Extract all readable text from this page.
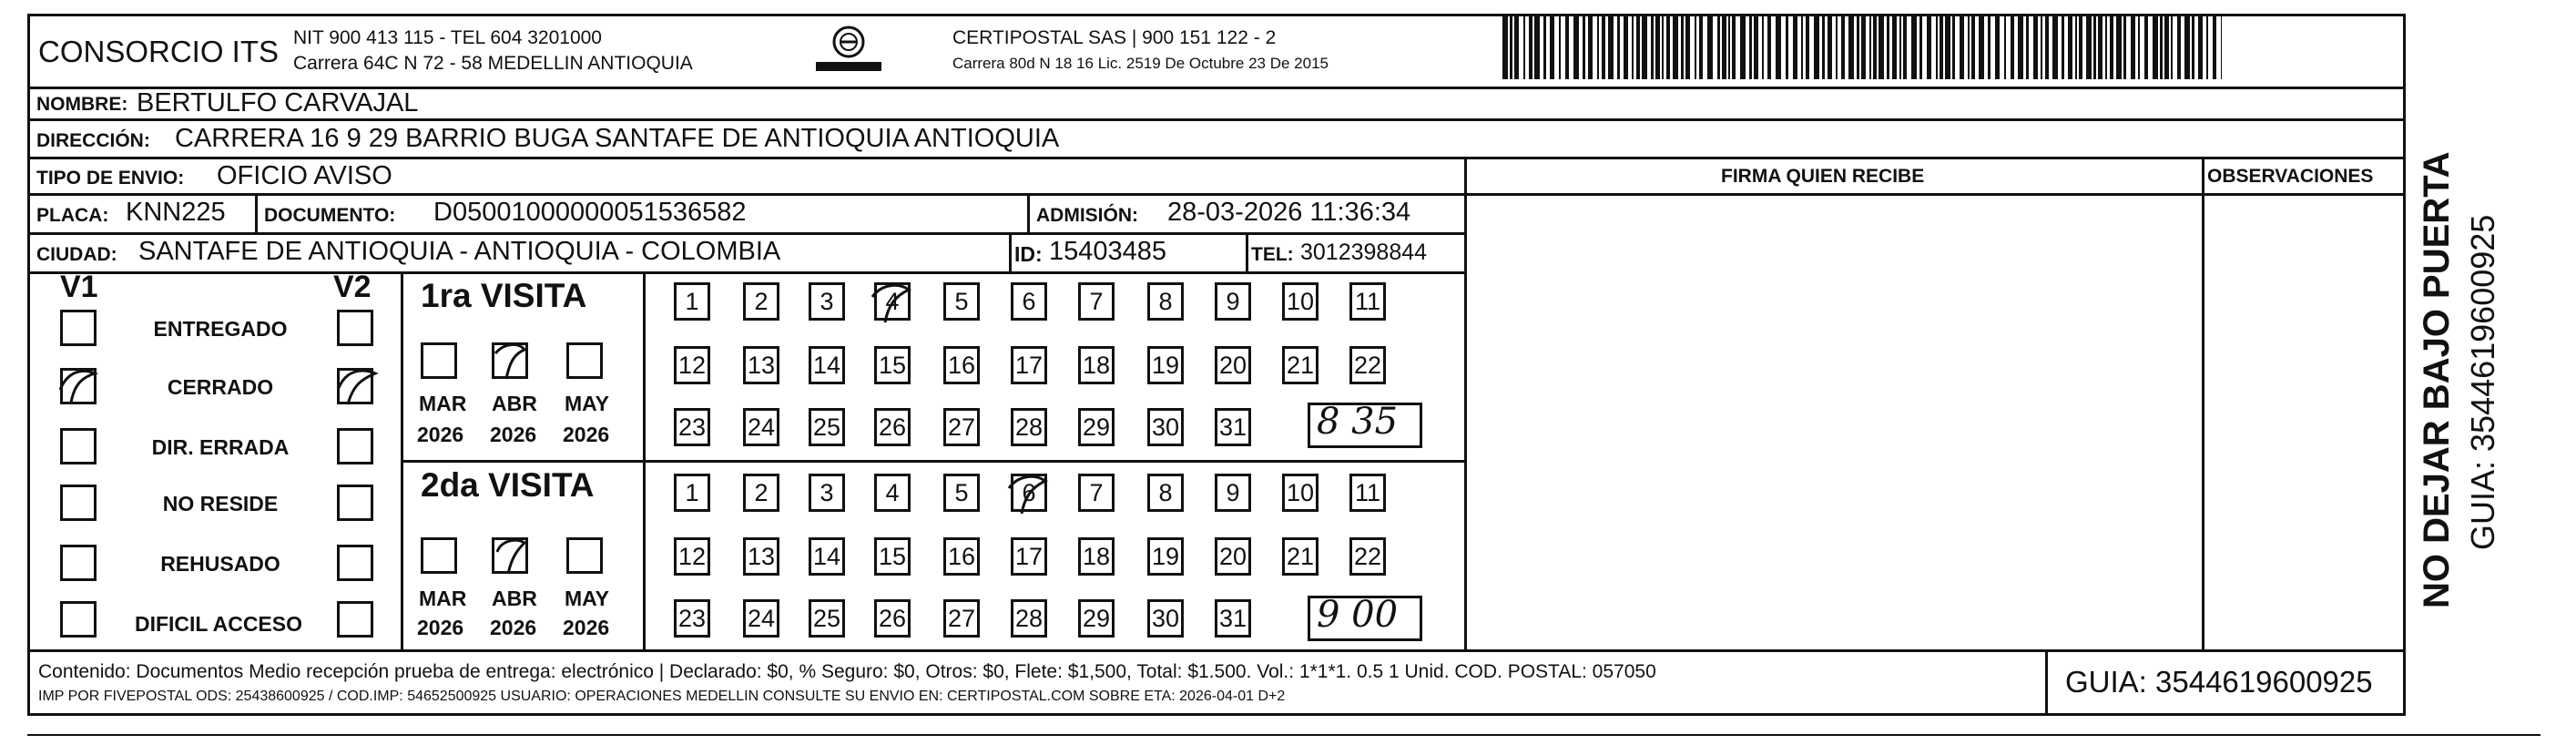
CONSORCIO ITS NIT 900 413 115 - TEL 604 3201000
Carrera 64C N 72 - 58 MEDELLIN ANTIOQUIA
CERTIPOSTAL SAS | 900 151 122 - 2
Carrera 80d N 18 16 Lic. 2519 De Octubre 23 De 2015
NOMBRE: BERTULFO CARVAJAL
DIRECCIÓN: CARRERA 16 9 29 BARRIO BUGA SANTAFE DE ANTIOQUIA ANTIOQUIA
TIPO DE ENVIO: OFICIO AVISO	FIRMA QUIEN RECIBE	OBSERVACIONES
PLACA: KNN225 DOCUMENTO: D05001000000051536582	ADMISIÓN: 28-03-2026 11:36:34
CIUDAD: SANTAFE DE ANTIOQUIA - ANTIOQUIA - COLOMBIA	ID: 15403485	TEL: 3012398844
V1	V2
ENTREGADO
CERRADO
DIR. ERRADA
NO RESIDE
REHUSADO
DIFICIL ACCESO
1ra VISITA
2da VISITA
MAR ABR MAY
2026 2026 2026
MAR ABR MAY
2026 2026 2026
1	2	3	4	5	6	7	8	9	10 11
12 13 14 15 16 17 18 19 20 21 22
23 24 25 26 27 28 29 30 31
1	2	3	4	5	6	7	8	9	10 11
12 13 14 15 16 17 18 19 20 21 22
23 24 25 26 27 28 29 30 31
8 35
9 00
Contenido: Documentos Medio recepción prueba de entrega: electrónico | Declarado: $0, % Seguro: $0, Otros: $0, Flete: $1,500, Total: $1.500. Vol.: 1*1*1. 0.5 1 Unid. COD. POSTAL: 057050
IMP POR FIVEPOSTAL ODS: 25438600925 / COD.IMP: 54652500925 USUARIO: OPERACIONES MEDELLIN CONSULTE SU ENVIO EN: CERTIPOSTAL.COM SOBRE ETA: 2026-04-01 D+2	GUIA: 3544619600925
NO DEJAR BAJO PUERTA GUIA: 3544619600925
